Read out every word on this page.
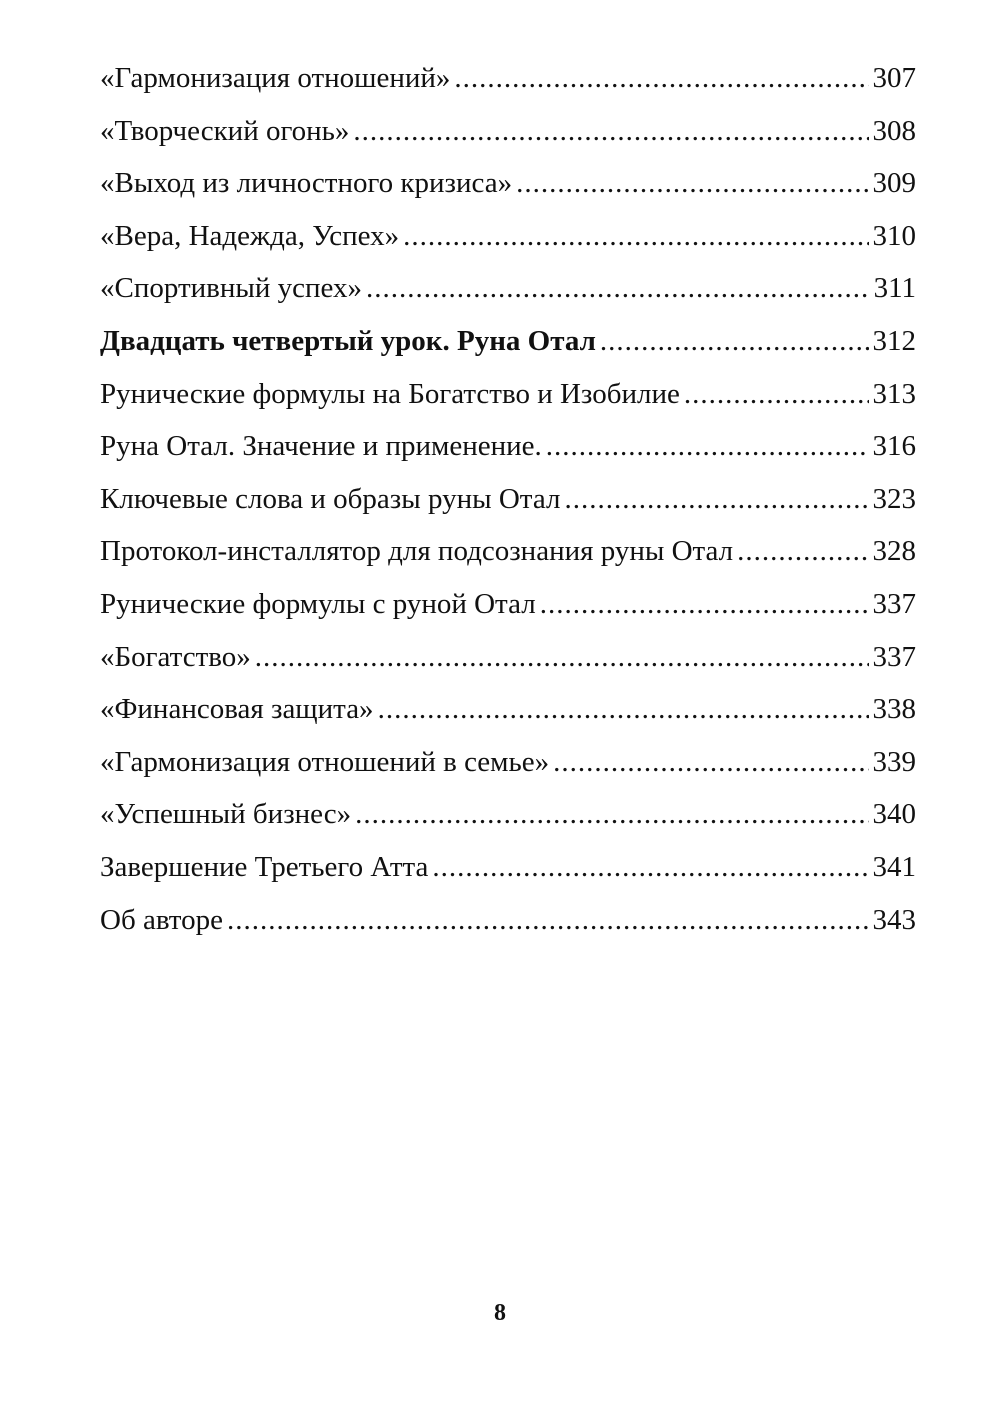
«Гармонизация отношений» .....	307
«Творческий огонь» .....	308
«Выход из личностного кризиса» .....	309
«Вера, Надежда, Успех» .....	310
«Спортивный успех» .....	311
Двадцать четвертый урок. Руна Отал .....	312
Рунические формулы на Богатство и Изобилие .....	313
Руна Отал. Значение и применение. .....	316
Ключевые слова и образы руны Отал .....	323
Протокол-инсталлятор для подсознания руны Отал .....	328
Рунические формулы с руной Отал .....	337
«Богатство» .....	337
«Финансовая защита» .....	338
«Гармонизация отношений в семье» .....	339
«Успешный бизнес» .....	340
Завершение Третьего Атта .....	341
Об авторе .....	343
8
